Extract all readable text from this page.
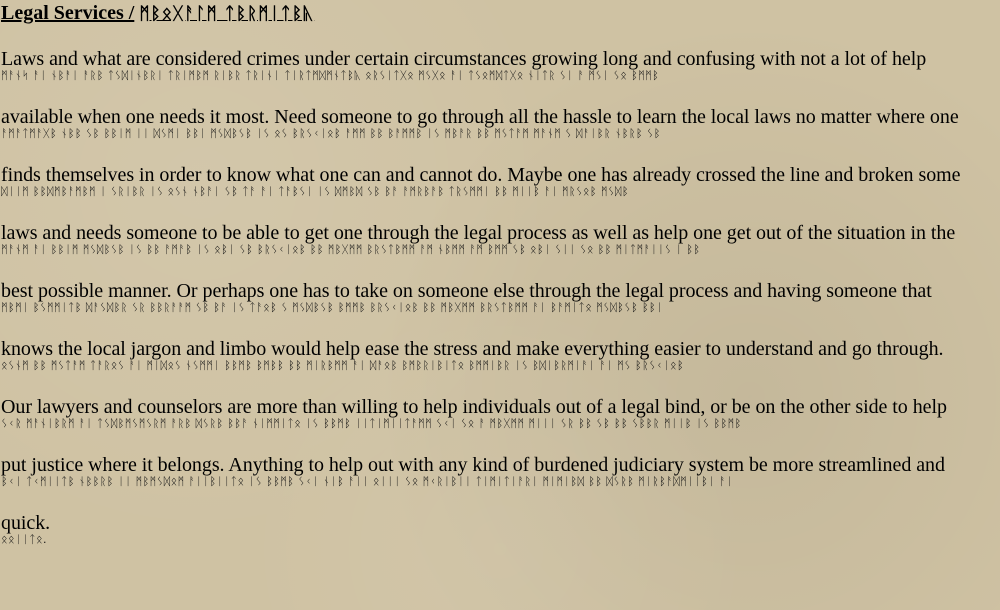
Legal Services / ᛗᛒᛟᚷᚨᛚᛗ ᛏᛒᚱᛗᛁᛏᛒᚣ

Laws and what are considered crimes under certain circumstances growing long and confusing with not a lot of help
ᛗᚨᚾᛋ ᚨᛁ ᚾᛒᚨᛁ ᚨᚱᛒ ᛏᛊᛞᛁᚾᛒᚱᛁ ᛏᚱᛁᛗᛒᛗ ᚱᛁᛒᚱ ᛏᚱᛁᚾᛁ ᛏᛁᚱᛏᛗᛞᛗᚾᛏᛒᚣ ᛟᚱᛊᛁᛏᚷᛟ ᛗᛊᚷᛟ ᚨᛁ ᛏᛊᛟᛗᛞᛏᚷᛟ ᚾᛁᛏᚱ ᛊᛁ ᚨ ᛗᛊᛁ ᛊᛟ ᛒᛗᛗᛒ

available when one needs it most. Need someone to go through all the hassle to learn the local laws no matter where one
ᚨᛗᚨᛏᛗᚨᚷᛒ ᚾᛒᛒ ᛊᛒ ᛒᛒᛁᛗ ᛁᛁ ᛞᛊᛗᛁ ᛒᛒᛁ ᛗᛊᛞᛒᛊᛒ ᛁᛊ ᛟᛊ ᛒᚱᛊᚲᛁᛟᛒ ᚨᛗᛗ ᛒᛒ ᛒᚨᛗᛗᛒ ᛁᛊ ᛗᛒᚨᚱ ᛒᛒ ᛗᛊᛏᚨᛗ ᛗᚨᚾᛗ ᛊ ᛞᚨᛁᛒᚱ ᚾᛒᚱᛒ ᛊᛒ

finds themselves in order to know what one can and cannot do. Maybe one has already crossed the line and broken some
ᛞᛁᛁᛗ ᛒᛒᛞᛗᛒᚨᛗᛒᛗ ᛁ ᛊᚱᛁᛒᚱ ᛁᛊ ᛟᛊᚾ ᚾᛒᚨᛁ ᛊᛒ ᛏᚨ ᚨᛁ ᛏᚨᛒᛊᛁ ᛁᛊ ᛞᛗᛒᛞ ᛊᛒ ᛒᚨ ᚨᛗᚱᛒᚨᛒ ᛏᚱᛊᛗᛗᛁ ᛒᛒ ᛗᛁᛁᛒ ᚨᛁ ᛗᚱᛊᛟᛒ ᛗᛊᛞᛒ

laws and needs someone to be able to get one through the legal process as well as help one get out of the situation in the
ᛗᚨᚾᛗ ᚨᛁ ᛒᛒᛁᛗ ᛗᛊᛞᛒᛊᛒ ᛁᛊ ᛒᛒ ᚨᛗᚨᛒ ᛁᛊ ᛟᛒᛁ ᛊᛒ ᛒᚱᛊᚲᛁᛟᛒ ᛒᛒ ᛗᛒᚷᛗᛗ ᛒᚱᛊᛏᛒᛗᛗ ᚨᛗ ᚾᛒᛗᛗ ᚨᛗ ᛒᛗᛗ ᛊᛒ ᛟᛒᛁ ᛊᛁᛁ ᛊᛟ ᛒᛒ ᛗᛁᛏᛗᚨᛁᛁᛊ ᛁ ᛒᛒ

best possible manner. Or perhaps one has to take on someone else through the legal process and having someone that
ᛗᛒᛗᛁ ᛒᛊᛗᛗᛁᛏᛒ ᛞᚨᛊᛞᛒᚱ ᛊᚱ ᛒᛒᚱᚨᚨᛗ ᛊᛒ ᛒᚨ ᛁᛊ ᛏᚨᛟᛒ ᛊ ᛗᛊᛞᛒᛊᛒ ᛒᛗᛗᛒ ᛒᚱᛊᚲᛁᛟᛒ ᛒᛒ ᛗᛒᚷᛗᛗ ᛒᚱᛊᛏᛒᛗᛗ ᚨᛁ ᛒᚨᛗᛁᛏᛟ ᛗᛊᛞᛒᛊᛒ ᛒᛒᛁ

knows the local jargon and limbo would help ease the stress and make everything easier to understand and go through.
ᛟᛊᚾᛗ ᛒᛒ ᛗᛊᛏᚨᛗ ᛏᚨᚱᛟᛊ ᚨᛁ ᛗᛁᛞᛟᛊ ᚾᛊᛗᛗᛁ ᛒᛒᛗᛒ ᛒᛗᛒᛒ ᛒᛒ ᛗᛁᚱᛒᛗᛗ ᚨᛁ ᛞᚨᛟᛒ ᛒᛗᛒᚱᛁᛒᛁᛏᛟ ᛒᛗᛗᛁᛒᚱ ᛁᛊ ᛒᛞᛁᛒᚱᛗᛁᚨᛁ ᚨᛁ ᛗᛊ ᛒᚱᛊᚲᛁᛟᛒ

Our lawyers and counselors are more than willing to help individuals out of a legal bind, or be on the other side to help
ᛊᚲᚱ ᛗᚨᚾᛁᛒᚱᛗ ᚨᛁ ᛏᛊᛞᛒᛗᛊᛗᛊᚱᛗ ᚨᚱᛒ ᛞᛊᚱᛒ ᛒᛒᚨ ᚾᛁᛗᛗᛁᛏᛟ ᛁᛊ ᛒᛒᛗᛒ ᛁᛁᛏᛁᛗᛁᛁᛏᚨᛗᛗ ᛊᚲᛁ ᛊᛟ ᚨ ᛗᛒᚷᛗᛗ ᛗᛁᛁᛁ ᛊᚱ ᛒᛒ ᛊᛒ ᛒᛒ ᛊᛒᛒᚱ ᛗᛁᛁᛒ ᛁᛊ ᛒᛒᛗᛒ

put justice where it belongs. Anything to help out with any kind of burdened judiciary system be more streamlined and
ᛒᚲᛁ ᛏᚲᛗᛁᛁᛏᛒ ᚾᛒᛒᚱᛒ ᛁᛁ ᛗᛒᛗᛊᛞᛟᛗ ᚨᛁᛁᛒᛁᛁᛏᛟ ᛁᛊ ᛒᛒᛗᛒ ᛊᚲᛁ ᚾᛁᛒ ᚨᛁᛁ ᛟᛁᛁᛁ ᛊᛟ ᛗᚲᚱᛁᛒᛁᛁ ᛏᛁᛗᛁᛏᛁᚨᚱᛁ ᛗᛁᛗᛁᛒᛞ ᛒᛒ ᛞᛊᚱᛒ ᛗᛁᚱᛒᚨᛞᛗᛁᛁᛒᛁ ᚨᛁ

quick.
ᛟᛟᛁᛁᛏᛟ.
